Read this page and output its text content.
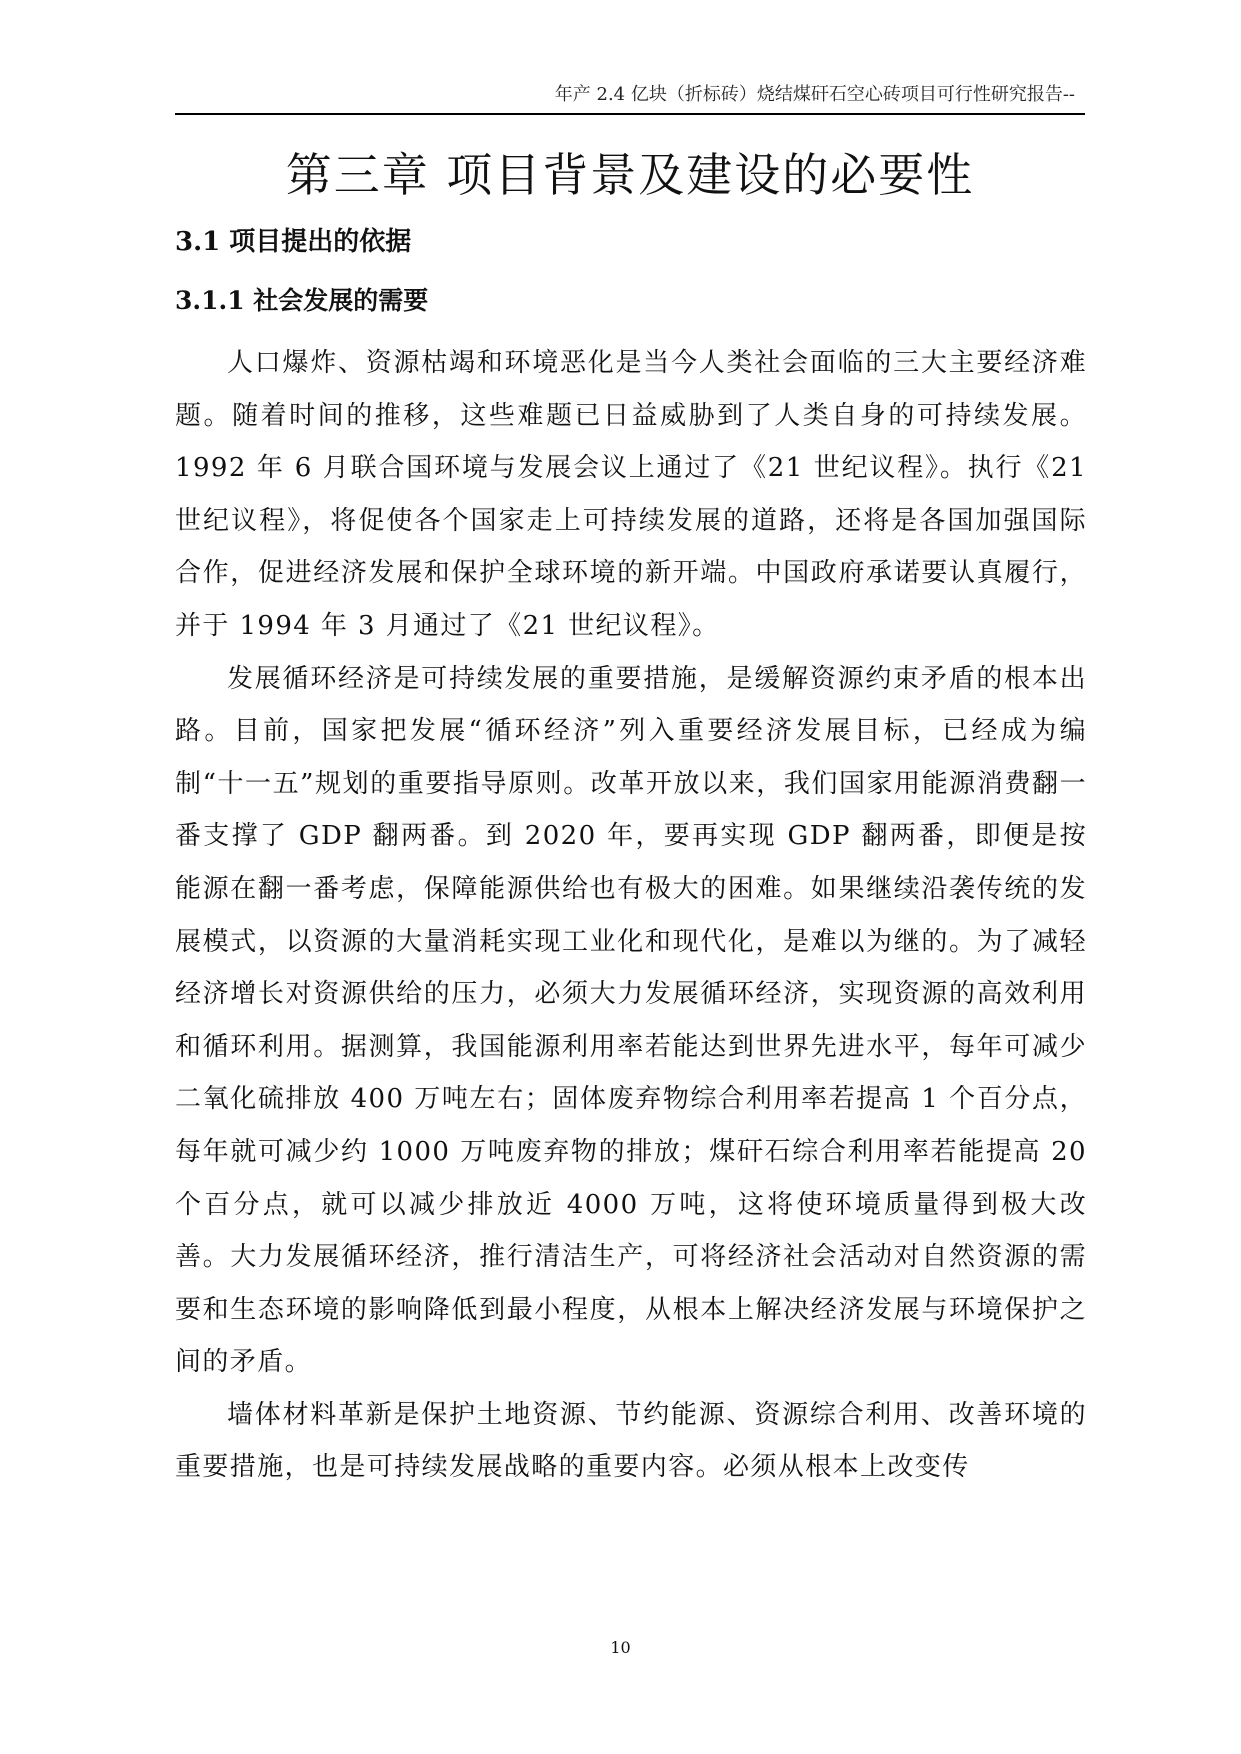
年产 2.4 亿块（折标砖）烧结煤矸石空心砖项目可行性研究报告--
第三章 项目背景及建设的必要性
3.1 项目提出的依据
3.1.1 社会发展的需要

人口爆炸、资源枯竭和环境恶化是当今人类社会面临的三大主要经济难题。随着时间的推移，这些难题已日益威胁到了人类自身的可持续发展。1992 年 6 月联合国环境与发展会议上通过了《21 世纪议程》。执行《21 世纪议程》，将促使各个国家走上可持续发展的道路，还将是各国加强国际合作，促进经济发展和保护全球环境的新开端。中国政府承诺要认真履行，并于 1994 年 3 月通过了《21 世纪议程》。

发展循环经济是可持续发展的重要措施，是缓解资源约束矛盾的根本出路。目前，国家把发展“循环经济”列入重要经济发展目标，已经成为编制“十一五”规划的重要指导原则。改革开放以来，我们国家用能源消费翻一番支撑了 GDP 翻两番。到 2020 年，要再实现 GDP 翻两番，即便是按能源在翻一番考虑，保障能源供给也有极大的困难。如果继续沿袭传统的发展模式，以资源的大量消耗实现工业化和现代化，是难以为继的。为了减轻经济增长对资源供给的压力，必须大力发展循环经济，实现资源的高效利用和循环利用。据测算，我国能源利用率若能达到世界先进水平，每年可减少二氧化硫排放 400 万吨左右；固体废弃物综合利用率若提高 1 个百分点，每年就可减少约 1000 万吨废弃物的排放；煤矸石综合利用率若能提高 20 个百分点，就可以减少排放近 4000 万吨，这将使环境质量得到极大改善。大力发展循环经济，推行清洁生产，可将经济社会活动对自然资源的需要和生态环境的影响降低到最小程度，从根本上解决经济发展与环境保护之间的矛盾。

墙体材料革新是保护土地资源、节约能源、资源综合利用、改善环境的重要措施，也是可持续发展战略的重要内容。必须从根本上改变传

10
